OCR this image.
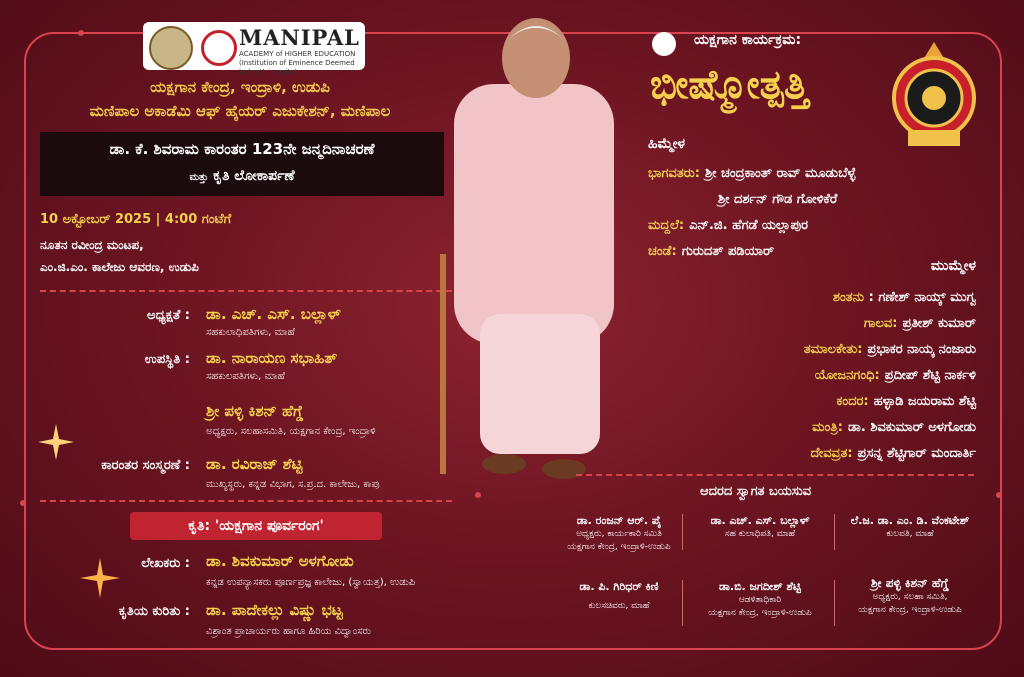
MANIPAL
ACADEMY of HIGHER EDUCATION
(Institution of Eminence Deemed to be University)
ಯಕ್ಷಗಾನ ಕೇಂದ್ರ, ಇಂದ್ರಾಳಿ, ಉಡುಪಿ
ಮಣಿಪಾಲ ಅಕಾಡೆಮಿ ಆಫ್ ಹೈಯರ್ ಎಜುಕೇಶನ್, ಮಣಿಪಾಲ
ಡಾ. ಕೆ. ಶಿವರಾಮ ಕಾರಂತರ 123ನೇ ಜನ್ಮದಿನಾಚರಣೆ
ಮತ್ತು ಕೃತಿ ಲೋಕಾರ್ಪಣೆ
10 ಅಕ್ಟೋಬರ್ 2025 | 4:00 ಗಂಟೆಗೆ
ನೂತನ ರವೀಂದ್ರ ಮಂಟಪ,
ಎಂ.ಜಿ.ಎಂ. ಕಾಲೇಜು ಆವರಣ, ಉಡುಪಿ
ಅಧ್ಯಕ್ಷತೆ : ಡಾ. ಎಚ್. ಎಸ್. ಬಲ್ಲಾಳ್
ಸಹಕುಲಾಧಿಪತಿಗಳು, ಮಾಹೆ
ಉಪಸ್ಥಿತಿ : ಡಾ. ನಾರಾಯಣ ಸಭಾಹಿತ್
ಸಹಕುಲಪತಿಗಳು, ಮಾಹೆ
ಶ್ರೀ ಪಳ್ಳಿ ಕಿಶನ್ ಹೆಗ್ಡೆ
ಅಧ್ಯಕ್ಷರು, ಸಲಹಾಸಮಿತಿ, ಯಕ್ಷಗಾನ ಕೇಂದ್ರ, ಇಂದ್ರಾಳಿ
ಕಾರಂತರ ಸಂಸ್ಮರಣೆ : ಡಾ. ರವಿರಾಜ್ ಶೆಟ್ಟಿ
ಮುಖ್ಯಸ್ಥರು, ಕನ್ನಡ ವಿಭಾಗ, ಸ.ಪ್ರ.ದ. ಕಾಲೇಜು, ಕಾಪು
ಕೃತಿ: 'ಯಕ್ಷಗಾನ ಪೂರ್ವರಂಗ'
ಲೇಖಕರು : ಡಾ. ಶಿವಕುಮಾರ್ ಅಳಗೋಡು
ಕನ್ನಡ ಉಪನ್ಯಾಸಕರು ಪೂರ್ಣಪ್ರಜ್ಞ ಕಾಲೇಜು, (ಸ್ವಾಯತ್ತ), ಉಡುಪಿ
ಕೃತಿಯ ಕುರಿತು : ಡಾ. ಪಾದೇಕಲ್ಲು ವಿಷ್ಣು ಭಟ್ಟ
ವಿಶ್ರಾಂತ ಪ್ರಾಚಾರ್ಯರು ಹಾಗೂ ಹಿರಿಯ ವಿದ್ವಾಂಸರು
ಯಕ್ಷಗಾನ ಕಾರ್ಯಕ್ರಮ:
ಭೀಷ್ಮೋತ್ಪತ್ತಿ
ಹಿಮ್ಮೇಳ
ಭಾಗವತರು: ಶ್ರೀ ಚಂದ್ರಕಾಂತ್ ರಾವ್ ಮೂಡುಬೆಳ್ಳೆ
ಶ್ರೀ ದರ್ಶನ್ ಗೌಡ ಗೋಳಿಕೆರೆ
ಮದ್ದಲೆ: ಎನ್.ಜಿ. ಹೆಗಡೆ ಯಲ್ಲಾಪುರ
ಚಂಡೆ: ಗುರುದತ್ ಪಡಿಯಾರ್
ಮುಮ್ಮೇಳ
ಶಂತನು : ಗಣೇಶ್ ನಾಯ್ಕ್ ಮುಗ್ವ
ಗಾಲವ: ಪ್ರತೀಶ್ ಕುಮಾರ್
ತಮಾಲಕೇತು: ಪ್ರಭಾಕರ ನಾಯ್ಕ ನಂಜಾರು
ಯೋಜನಗಂಧಿ: ಪ್ರದೀಪ್ ಶೆಟ್ಟಿ ನಾರ್ಕಳಿ
ಕಂದರ: ಹಳ್ಳಾಡಿ ಜಯರಾಮ ಶೆಟ್ಟಿ
ಮಂತ್ರಿ: ಡಾ. ಶಿವಕುಮಾರ್ ಅಳಗೋಡು
ದೇವವ್ರತ: ಪ್ರಸನ್ನ ಶೆಟ್ಟಿಗಾರ್ ಮಂದಾರ್ತಿ
ಆದರದ ಸ್ವಾಗತ ಬಯಸುವ
ಡಾ. ರಂಜನ್ ಆರ್. ಪೈ
ಅಧ್ಯಕ್ಷರು, ಕಾರ್ಯಕಾರಿ ಸಮಿತಿ
ಯಕ್ಷಗಾನ ಕೇಂದ್ರ, ಇಂದ್ರಾಳಿ-ಉಡುಪಿ
ಡಾ. ಎಚ್. ಎಸ್. ಬಲ್ಲಾಳ್
ಸಹ ಕುಲಾಧಿಪತಿ, ಮಾಹೆ
ಲೆ.ಜ. ಡಾ. ಎಂ. ಡಿ. ವೆಂಕಟೇಶ್
ಕುಲಪತಿ, ಮಾಹೆ
ಡಾ. ಪಿ. ಗಿರಿಧರ್ ಕಿಣಿ
ಕುಲಸಚಿವರು, ಮಾಹೆ
ಡಾ.ಬಿ. ಜಗದೀಶ್ ಶೆಟ್ಟಿ
ಆಡಳಿತಾಧಿಕಾರಿ
ಯಕ್ಷಗಾನ ಕೇಂದ್ರ, ಇಂದ್ರಾಳಿ-ಉಡುಪಿ
ಶ್ರೀ ಪಳ್ಳಿ ಕಿಶನ್ ಹೆಗ್ಡೆ
ಅಧ್ಯಕ್ಷರು, ಸಲಹಾ ಸಮಿತಿ,
ಯಕ್ಷಗಾನ ಕೇಂದ್ರ, ಇಂದ್ರಾಳಿ-ಉಡುಪಿ
